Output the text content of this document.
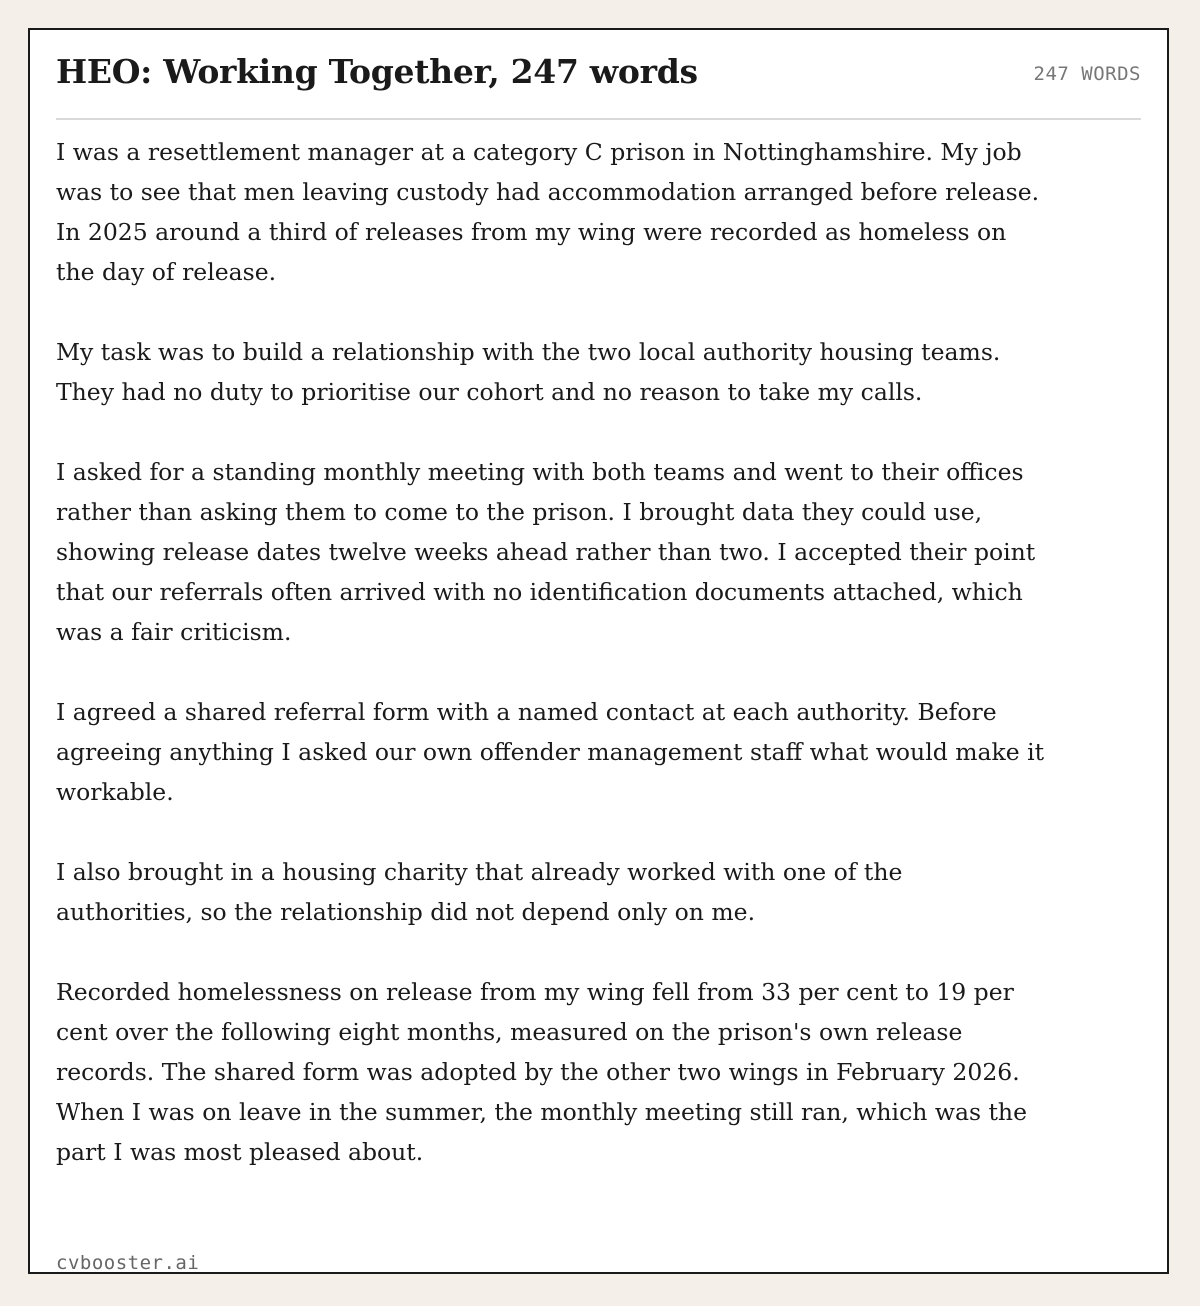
HEO: Working Together, 247 words	247 WORDS

I was a resettlement manager at a category C prison in Nottinghamshire. My job was to see that men leaving custody had accommodation arranged before release. In 2025 around a third of releases from my wing were recorded as homeless on the day of release.

My task was to build a relationship with the two local authority housing teams. They had no duty to prioritise our cohort and no reason to take my calls.

I asked for a standing monthly meeting with both teams and went to their offices rather than asking them to come to the prison. I brought data they could use, showing release dates twelve weeks ahead rather than two. I accepted their point that our referrals often arrived with no identification documents attached, which was a fair criticism.

I agreed a shared referral form with a named contact at each authority. Before agreeing anything I asked our own offender management staff what would make it workable.

I also brought in a housing charity that already worked with one of the authorities, so the relationship did not depend only on me.

Recorded homelessness on release from my wing fell from 33 per cent to 19 per cent over the following eight months, measured on the prison's own release records. The shared form was adopted by the other two wings in February 2026. When I was on leave in the summer, the monthly meeting still ran, which was the part I was most pleased about.

cvbooster.ai
